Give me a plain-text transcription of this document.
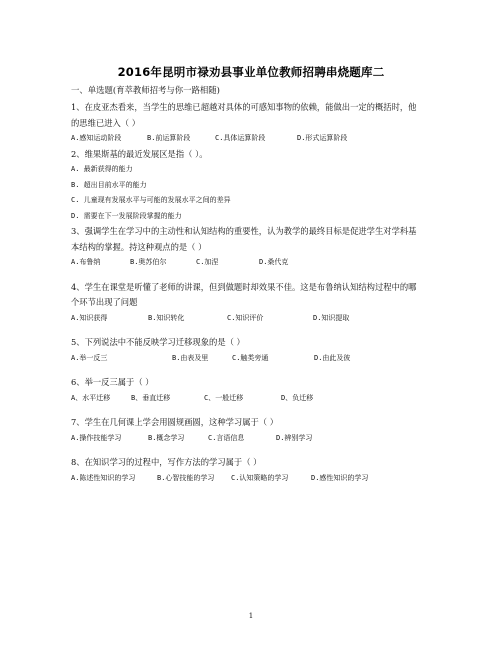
2016年昆明市禄劝县事业单位教师招聘串烧题库二
一、单选题(育萃教师招考与你一路相随)
1、在皮亚杰看来，当学生的思维已超越对具体的可感知事物的依赖，能做出一定的概括时，他
的思维已进入（ ）
A.感知运动阶段	B.前运算阶段	C.具体运算阶段	D.形式运算阶段
2、维果斯基的最近发展区是指（ ）。
A. 最新获得的能力
B. 超出目前水平的能力
C. 儿童现有发展水平与可能的发展水平之间的差异
D. 需要在下一发展阶段掌握的能力
3、强调学生在学习中的主动性和认知结构的重要性，认为教学的最终目标是促进学生对学科基
本结构的掌握。持这种观点的是（ ）
A.布鲁纳	B.奥苏伯尔	C.加涅	D.桑代克
4、学生在课堂是听懂了老师的讲课，但到做题时却效果不佳。这是布鲁纳认知结构过程中的哪
个环节出现了问题
A.知识获得	B.知识转化	C.知识评价	D.知识提取
5、下列说法中不能反映学习迁移现象的是（ ）
A.举一反三	B.由表及里	C.触类旁通	D.由此及彼
6、举一反三属于（ ）
A、水平迁移	B、垂直迁移	C、一般迁移	D、负迁移
7、学生在几何课上学会用圆规画圆，这种学习属于（ ）
A.操作技能学习	B.概念学习	C.言语信息	D.辨别学习
8、在知识学习的过程中，写作方法的学习属于（ ）
A.陈述性知识的学习	B.心智技能的学习 C.认知策略的学习	D.感性知识的学习
1
